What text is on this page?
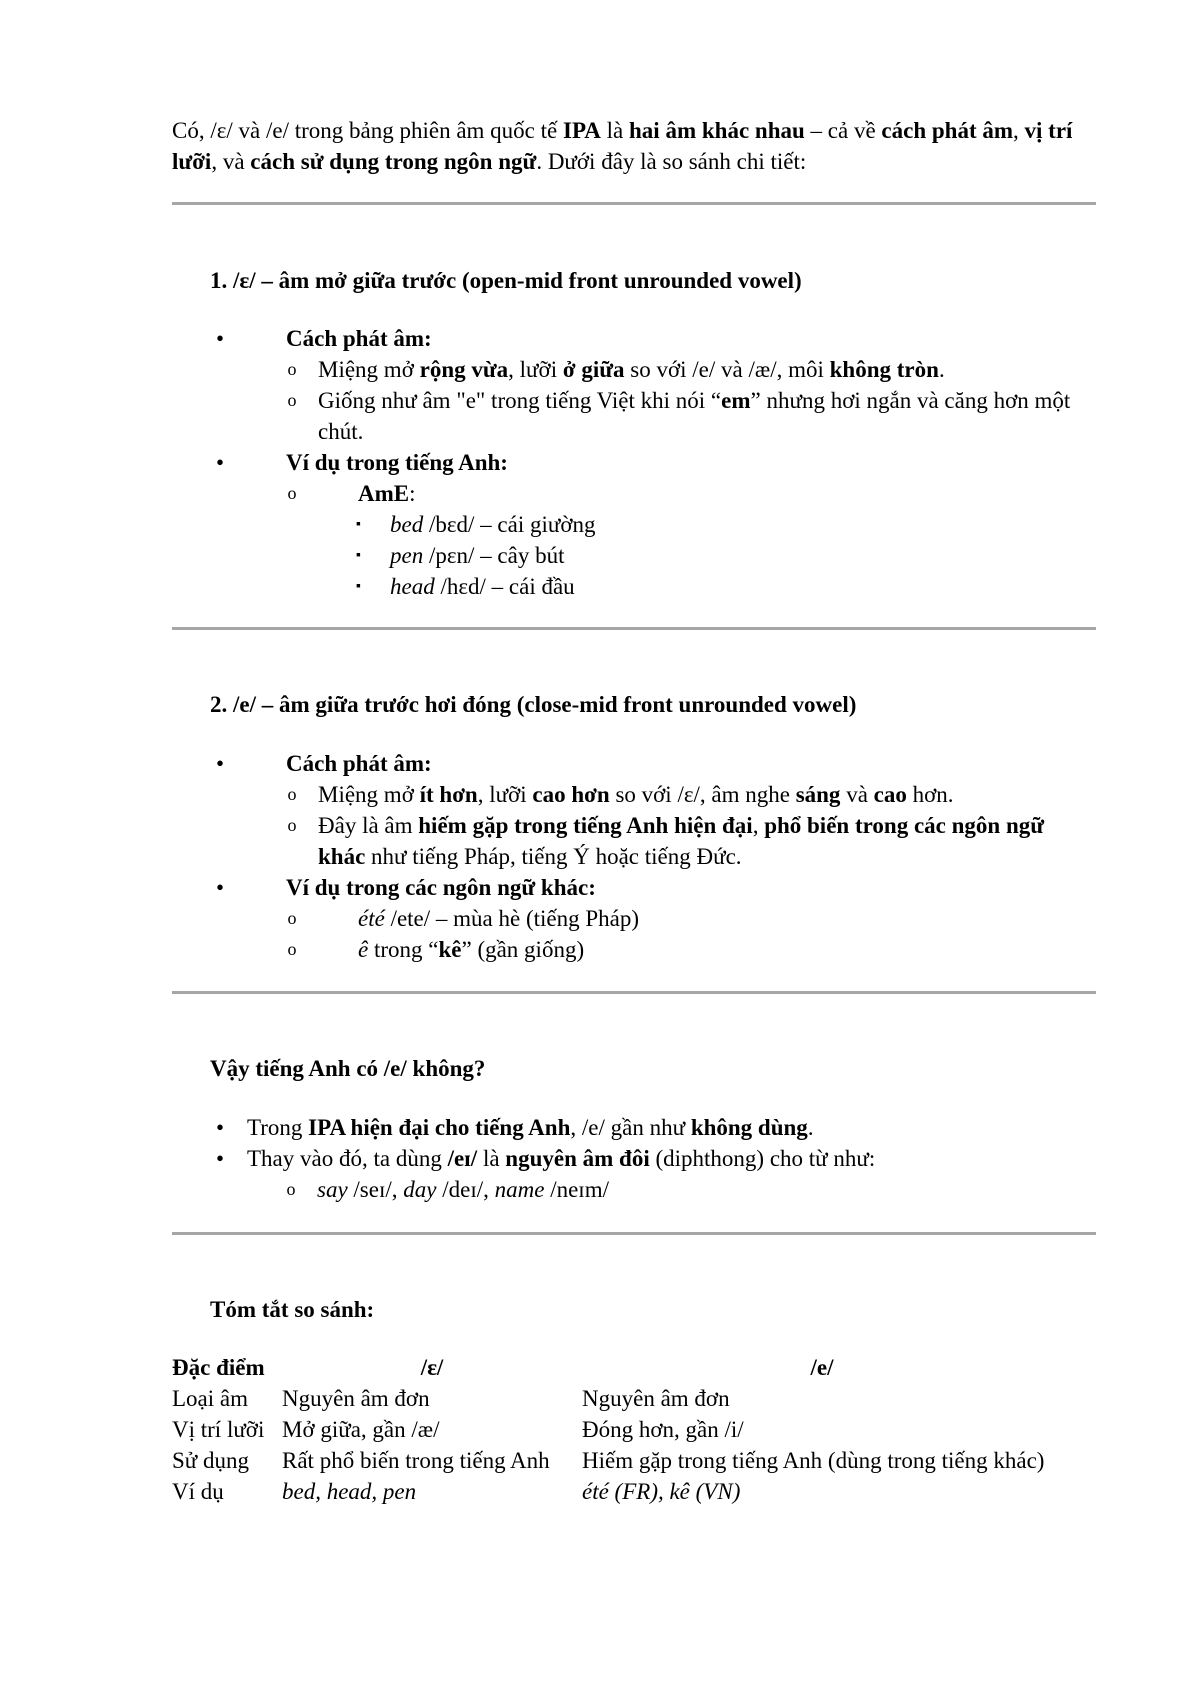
Có, /ɛ/ và /e/ trong bảng phiên âm quốc tế IPA là hai âm khác nhau – cả về cách phát âm, vị trí lưỡi, và cách sử dụng trong ngôn ngữ. Dưới đây là so sánh chi tiết:

1. /ɛ/ – âm mở giữa trước (open-mid front unrounded vowel)
•	Cách phát âm:
o Miệng mở rộng vừa, lưỡi ở giữa so với /e/ và /æ/, môi không tròn.
o Giống như âm "e" trong tiếng Việt khi nói “em” nhưng hơi ngắn và căng hơn một chút.
•	Ví dụ trong tiếng Anh:
o	AmE:
▪ bed /bɛd/ – cái giường
▪ pen /pɛn/ – cây bút
▪ head /hɛd/ – cái đầu
2. /e/ – âm giữa trước hơi đóng (close-mid front unrounded vowel)
•	Cách phát âm:
o Miệng mở ít hơn, lưỡi cao hơn so với /ɛ/, âm nghe sáng và cao hơn.
o Đây là âm hiếm gặp trong tiếng Anh hiện đại, phổ biến trong các ngôn ngữ khác như tiếng Pháp, tiếng Ý hoặc tiếng Đức.
•	Ví dụ trong các ngôn ngữ khác:
o	été /ete/ – mùa hè (tiếng Pháp)
o	ê trong “kê” (gần giống)
Vậy tiếng Anh có /e/ không?
• Trong IPA hiện đại cho tiếng Anh, /e/ gần như không dùng.
• Thay vào đó, ta dùng /eɪ/ là nguyên âm đôi (diphthong) cho từ như:
o say /seɪ/, day /deɪ/, name /neɪm/
Tóm tắt so sánh:
Đặc điểm	/ɛ/	/e/
Loại âm	Nguyên âm đơn	Nguyên âm đơn
Vị trí lưỡi	Mở giữa, gần /æ/	Đóng hơn, gần /i/
Sử dụng	Rất phổ biến trong tiếng Anh	Hiếm gặp trong tiếng Anh (dùng trong tiếng khác)
Ví dụ	bed, head, pen	été (FR), kê (VN)
